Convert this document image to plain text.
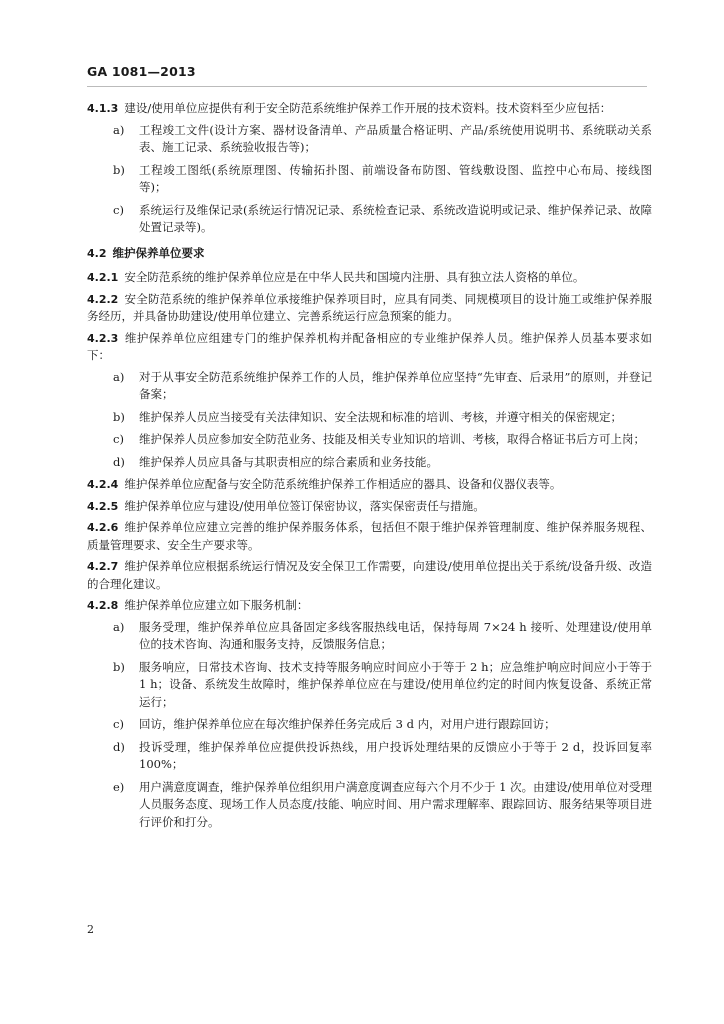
GA 1081—2013

4.1.3 建设/使用单位应提供有利于安全防范系统维护保养工作开展的技术资料。技术资料至少应包括：

a) 工程竣工文件(设计方案、器材设备清单、产品质量合格证明、产品/系统使用说明书、系统联动关系表、施工记录、系统验收报告等)；
b) 工程竣工图纸(系统原理图、传输拓扑图、前端设备布防图、管线敷设图、监控中心布局、接线图等)；
c) 系统运行及维保记录(系统运行情况记录、系统检查记录、系统改造说明或记录、维护保养记录、故障处置记录等)。

4.2 维护保养单位要求

4.2.1 安全防范系统的维护保养单位应是在中华人民共和国境内注册、具有独立法人资格的单位。

4.2.2 安全防范系统的维护保养单位承接维护保养项目时，应具有同类、同规模项目的设计施工或维护保养服务经历，并具备协助建设/使用单位建立、完善系统运行应急预案的能力。

4.2.3 维护保养单位应组建专门的维护保养机构并配备相应的专业维护保养人员。维护保养人员基本要求如下：

a) 对于从事安全防范系统维护保养工作的人员，维护保养单位应坚持“先审查、后录用”的原则，并登记备案；
b) 维护保养人员应当接受有关法律知识、安全法规和标准的培训、考核，并遵守相关的保密规定；
c) 维护保养人员应参加安全防范业务、技能及相关专业知识的培训、考核，取得合格证书后方可上岗；
d) 维护保养人员应具备与其职责相应的综合素质和业务技能。

4.2.4 维护保养单位应配备与安全防范系统维护保养工作相适应的器具、设备和仪器仪表等。

4.2.5 维护保养单位应与建设/使用单位签订保密协议，落实保密责任与措施。

4.2.6 维护保养单位应建立完善的维护保养服务体系，包括但不限于维护保养管理制度、维护保养服务规程、质量管理要求、安全生产要求等。

4.2.7 维护保养单位应根据系统运行情况及安全保卫工作需要，向建设/使用单位提出关于系统/设备升级、改造的合理化建议。

4.2.8 维护保养单位应建立如下服务机制：

a) 服务受理，维护保养单位应具备固定多线客服热线电话，保持每周 7×24 h 接听、处理建设/使用单位的技术咨询、沟通和服务支持，反馈服务信息；
b) 服务响应，日常技术咨询、技术支持等服务响应时间应小于等于 2 h；应急维护响应时间应小于等于 1 h；设备、系统发生故障时，维护保养单位应在与建设/使用单位约定的时间内恢复设备、系统正常运行；
c) 回访，维护保养单位应在每次维护保养任务完成后 3 d 内，对用户进行跟踪回访；
d) 投诉受理，维护保养单位应提供投诉热线，用户投诉处理结果的反馈应小于等于 2 d，投诉回复率 100%；
e) 用户满意度调查，维护保养单位组织用户满意度调查应每六个月不少于 1 次。由建设/使用单位对受理人员服务态度、现场工作人员态度/技能、响应时间、用户需求理解率、跟踪回访、服务结果等项目进行评价和打分。
2
